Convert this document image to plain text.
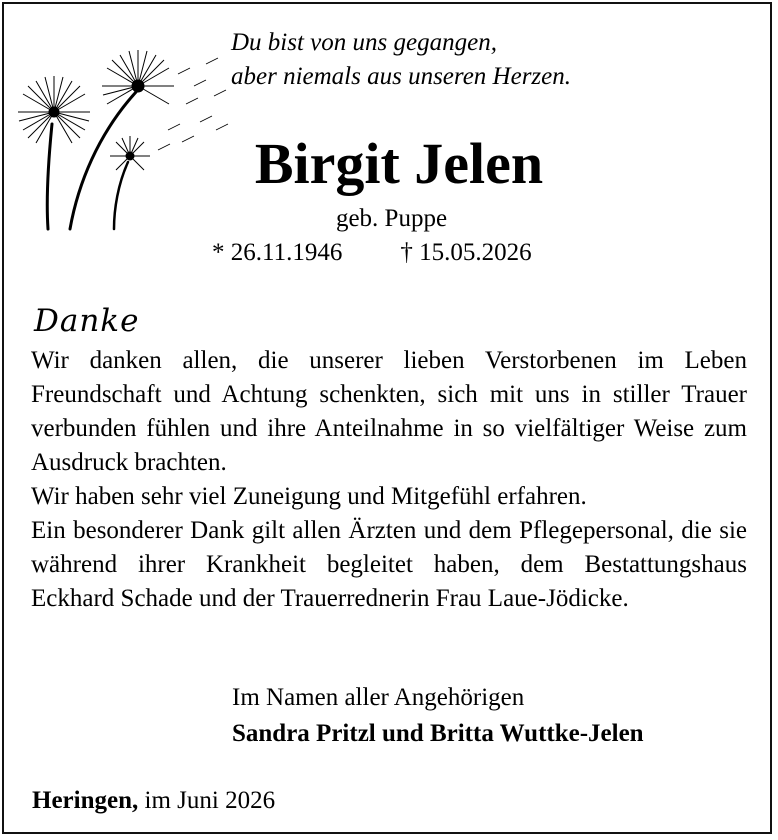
Du bist von uns gegangen,
aber niemals aus unseren Herzen.
Birgit Jelen
geb. Puppe
* 26.11.1946 † 15.05.2026
Danke

Wir danken allen, die unserer lieben Verstorbenen im Leben Freundschaft und Achtung schenkten, sich mit uns in stiller Trauer verbunden fühlen und ihre Anteilnahme in so vielfältiger Weise zum Ausdruck brachten.

Wir haben sehr viel Zuneigung und Mitgefühl erfahren.

Ein besonderer Dank gilt allen Ärzten und dem Pflegepersonal, die sie während ihrer Krankheit begleitet haben, dem Bestattungshaus Eckhard Schade und der Trauerrednerin Frau Laue-Jödicke.

Im Namen aller Angehörigen
Sandra Pritzl und Britta Wuttke-Jelen
Heringen, im Juni 2026
